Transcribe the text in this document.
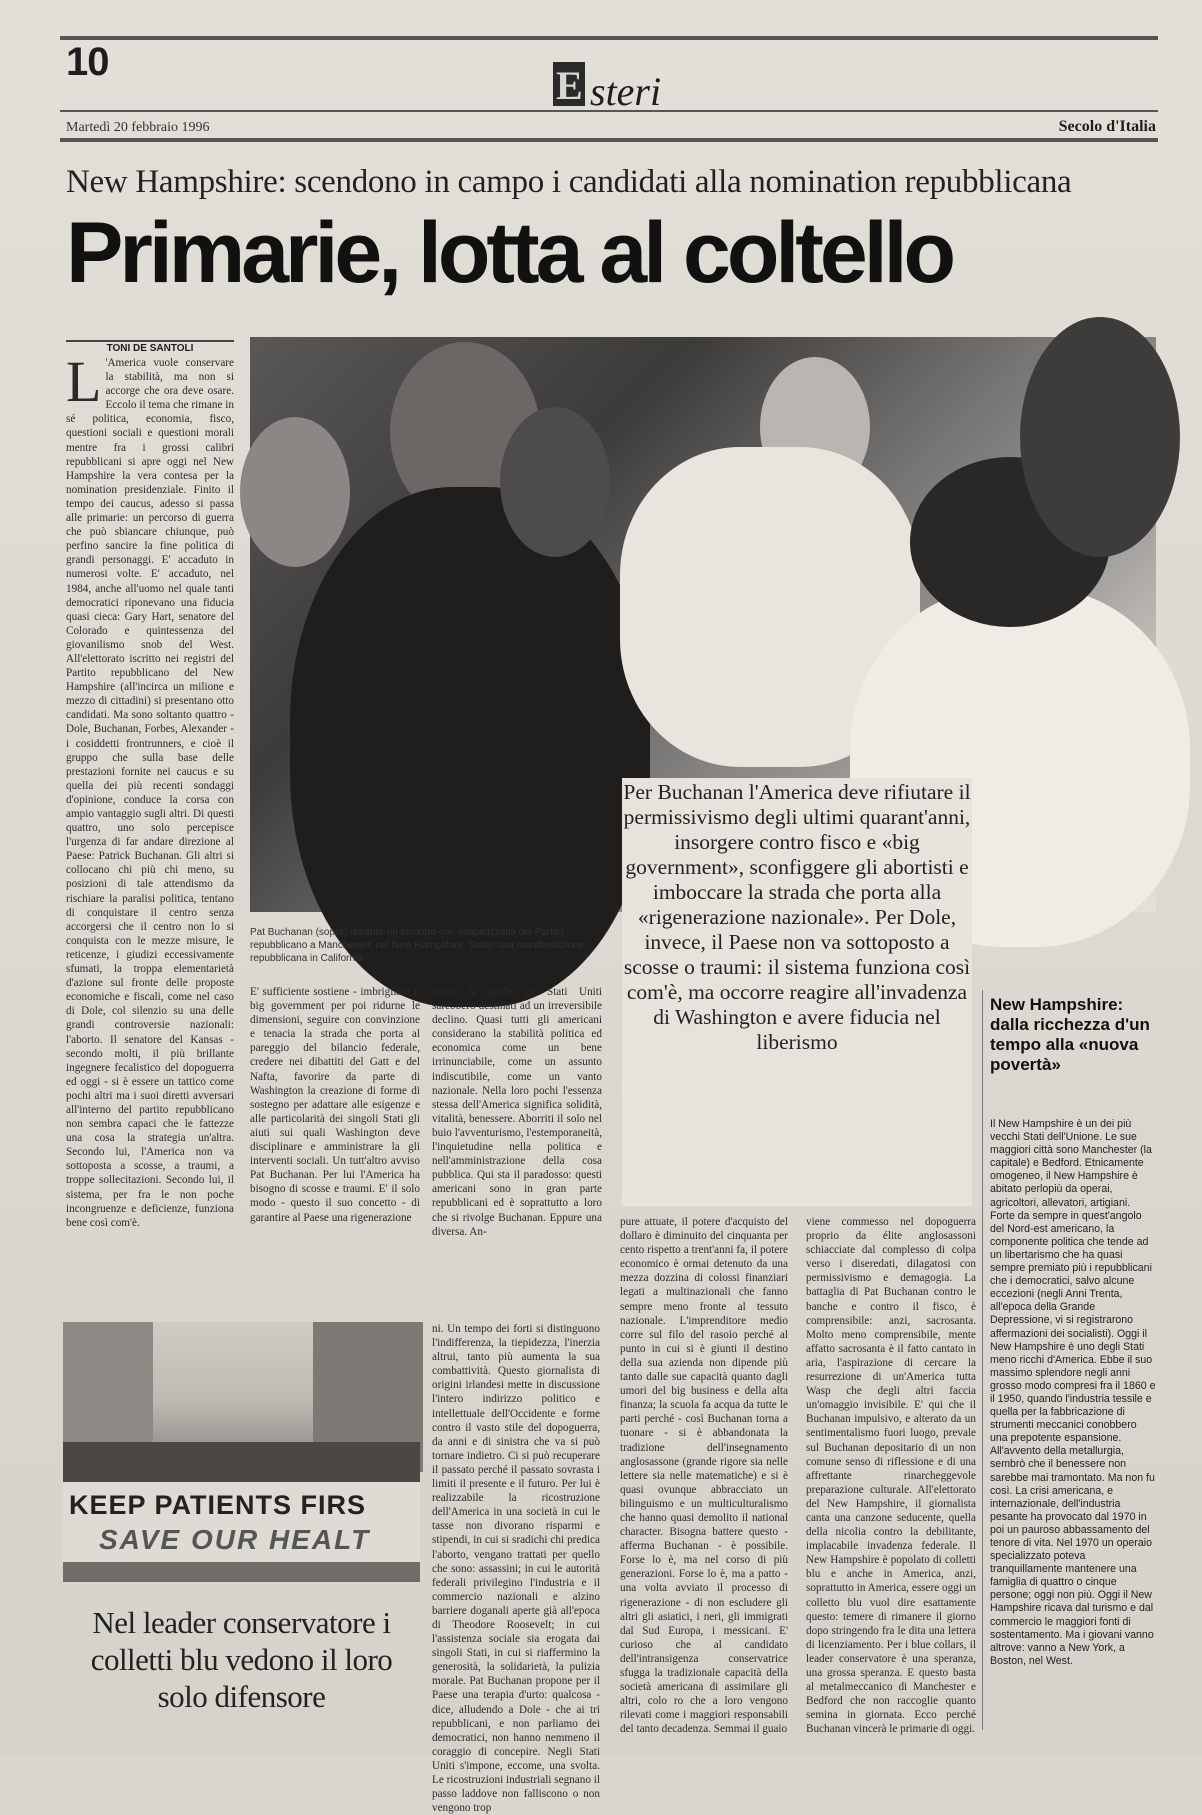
10
E steri
Martedì 20 febbraio 1996	Secolo d'Italia
New Hampshire: scendono in campo i candidati alla nomination repubblicana
Primarie, lotta al coltello
TONI DE SANTOLI
L 'America vuole conservare la stabilità, ma non si accorge che ora deve osare. Eccolo il tema che rimane in sé politica, economia, fisco, questioni sociali e questioni morali mentre fra i grossi calibri repubblicani si apre oggi nel New Hampshire la vera contesa per la nomination presidenziale. Finito il tempo dei caucus, adesso si passa alle primarie: un percorso di guerra che può sbiancare chiunque, può perfino sancire la fine politica di grandi personaggi. E' accaduto in numerosi volte. E' accaduto, nel 1984, anche all'uomo nel quale tanti democratici riponevano una fiducia quasi cieca: Gary Hart, senatore del Colorado e quintessenza del giovanilismo snob del West. All'elettorato iscritto nei registri del Partito repubblicano del New Hampshire (all'incirca un milione e mezzo di cittadini) si presentano otto candidati. Ma sono soltanto quattro - Dole, Buchanan, Forbes, Alexander - i cosiddetti frontrunners, e cioè il gruppo che sulla base delle prestazioni fornite nei caucus e su quella dei più recenti sondaggi d'opinione, conduce la corsa con ampio vantaggio sugli altri. Di questi quattro, uno solo percepisce l'urgenza di far andare direzione al Paese: Patrick Buchanan. Gli altri si collocano chi più chi meno, su posizioni di tale attendismo da rischiare la paralisi politica, tentano di conquistare il centro senza accorgersi che il centro non lo si conquista con le mezze misure, le reticenze, i giudizi eccessivamente sfumati, la troppa elementarietà d'azione sul fronte delle proposte economiche e fiscali, come nel caso di Dole, col silenzio su una delle grandi controversie nazionali: l'aborto. Il senatore del Kansas - secondo molti, il più brillante ingegnere fecalistico del dopoguerra ed oggi - si è essere un tattico come pochi altri ma i suoi diretti avversari all'interno del partito repubblicano non sembra capaci che le fattezze una cosa la strategia un'altra. Secondo lui, l'America non va sottoposta a scosse, a traumi, a troppe sollecitazioni. Secondo lui, il sistema, per fra le non poche incongruenze e deficienze, funziona bene così com'è.
Pat Buchanan (sopra) durante un incontro con simpatizzanti del Partito repubblicano a Manchester, nel New Hampshire. Sotto: una manifestazione repubblicana in California
Per Buchanan l'America deve rifiutare il permissivismo degli ultimi quarant'anni, insorgere contro fisco e «big government», sconfiggere gli abortisti e imboccare la strada che porta alla «rigenerazione nazionale». Per Dole, invece, il Paese non va sottoposto a scosse o traumi: il sistema funziona così com'è, ma occorre reagire all'invadenza di Washington e avere fiducia nel liberismo
E' sufficiente sostiene - imbrigliare il big government per poi ridurne le dimensioni, seguire con convinzione e tenacia la strada che porta al pareggio del bilancio federale, credere nei dibattiti del Gatt e del Nafta, favorire da parte di Washington la creazione di forme di sostegno per adattare alle esigenze e alle particolarità dei singoli Stati gli aiuti sui quali Washington deve disciplinare e amministrare la gli interventi sociali. Un tutt'altro avviso Pat Buchanan. Per lui l'America ha bisogno di scosse e traumi. E' il solo modo - questo il suo concetto - di garantire al Paese una rigenerazione
senza la quale gli Stati Uniti sarebbero destinati ad un irreversibile declino. Quasi tutti gli americani considerano la stabilità politica ed economica come un bene irrinunciabile, come un assunto indiscutibile, come un vanto nazionale. Nella loro pochi l'essenza stessa dell'America significa solidità, vitalità, benessere. Aborriti il solo nel buio l'avventurismo, l'estemporaneità, l'inquietudine nella politica e nell'amministrazione della cosa pubblica. Qui sta il paradosso: questi americani sono in gran parte repubblicani ed è soprattutto a loro che si rivolge Buchanan. Eppure una diversa. An-
KEEP PATIENTS FIRS
SAVE OUR HEALT
Nel leader conservatore i colletti blu vedono il loro solo difensore
ni. Un tempo dei forti si distinguono l'indifferenza, la tiepidezza, l'inerzia altrui, tanto più aumenta la sua combattività. Questo giornalista di origini irlandesi mette in discussione l'intero indirizzo politico e intellettuale dell'Occidente e forme contro il vasto stile del dopoguerra, da anni e di sinistra che va si può tornare indietro. Ci si può recuperare il passato perché il passato sovrasta i limiti il presente e il futuro. Per lui è realizzabile la ricostruzione dell'America in una società in cui le tasse non divorano risparmi e stipendi, in cui si sradichi chi predica l'aborto, vengano trattati per quello che sono: assassini; in cui le autorità federali privilegino l'industria e il commercio nazionali e alzino barriere doganali aperte già all'epoca di Theodore Roosevelt; in cui l'assistenza sociale sia erogata dai singoli Stati, in cui si riaffermino la generosità, la solidarietà, la pulizia morale. Pat Buchanan propone per il Paese una terapia d'urto: qualcosa - dice, alludendo a Dole - che ai tri repubblicani, e non parliamo dei democratici, non hanno nemmeno il coraggio di concepire. Negli Stati Uniti s'impone, eccome, una svolta. Le ricostruzioni industriali segnano il passo laddove non falliscono o non vengono trop
pure attuate, il potere d'acquisto del dollaro è diminuito del cinquanta per cento rispetto a trent'anni fa, il potere economico è ormai detenuto da una mezza dozzina di colossi finanziari legati a multinazionali che fanno sempre meno fronte al tessuto nazionale. L'imprenditore medio corre sul filo del rasoio perché al punto in cui si è giunti il destino della sua azienda non dipende più tanto dalle sue capacità quanto dagli umori del big business e della alta finanza; la scuola fa acqua da tutte le parti perché - così Buchanan torna a tuonare - si è abbandonata la tradizione dell'insegnamento anglosassone (grande rigore sia nelle lettere sia nelle matematiche) e si è quasi ovunque abbracciato un bilinguismo e un multiculturalismo che hanno quasi demolito il national character. Bisogna battere questo - afferma Buchanan - è possibile. Forse lo è, ma nel corso di più generazioni. Forse lo è, ma a patto - una volta avviato il processo di rigenerazione - di non escludere gli altri gli asiatici, i neri, gli immigrati dal Sud Europa, i messicani. E' curioso che al candidato dell'intransigenza conservatrice sfugga la tradizionale capacità della società americana di assimilare gli altri, colo ro che a loro vengono rilevati come i maggiori responsabili del tanto decadenza. Semmai il guaio
viene commesso nel dopoguerra proprio da élite anglosassoni schiacciate dal complesso di colpa verso i diseredati, dilagatosi con permissivismo e demagogia. La battaglia di Pat Buchanan contro le banche e contro il fisco, è comprensibile: anzi, sacrosanta. Molto meno comprensibile, mente affatto sacrosanta è il fatto cantato in aria, l'aspirazione di cercare la resurrezione di un'America tutta Wasp che degli altri faccia un'omaggio invisibile. E' qui che il Buchanan impulsivo, e alterato da un sentimentalismo fuori luogo, prevale sul Buchanan depositario di un non comune senso di riflessione e di una affrettante rinarcheggevole preparazione culturale. All'elettorato del New Hampshire, il giornalista canta una canzone seducente, quella della nicolia contro la debilitante, implacabile invadenza federale. Il New Hampshire è popolato di colletti blu e anche in America, anzi, soprattutto in America, essere oggi un colletto blu vuol dire esattamente questo: temere di rimanere il giorno dopo stringendo fra le dita una lettera di licenziamento. Per i blue collars, il leader conservatore è una speranza, una grossa speranza. E questo basta al metalmeccanico di Manchester e Bedford che non raccoglie quanto semina in giornata. Ecco perché Buchanan vincerà le primarie di oggi.
New Hampshire: dalla ricchezza d'un tempo alla «nuova povertà»
Il New Hampshire è un dei più vecchi Stati dell'Unione. Le sue maggiori città sono Manchester (la capitale) e Bedford. Etnicamente omogeneo, il New Hampshire è abitato perlopiù da operai, agricoltori, allevatori, artigiani. Forte da sempre in quest'angolo del Nord-est americano, la componente politica che tende ad un libertarismo che ha quasi sempre premiato più i repubblicani che i democratici, salvo alcune eccezioni (negli Anni Trenta, all'epoca della Grande Depressione, vi si registrarono affermazioni dei socialisti). Oggi il New Hampshire è uno degli Stati meno ricchi d'America. Ebbe il suo massimo splendore negli anni grosso modo compresi fra il 1860 e il 1950, quando l'industria tessile e quella per la fabbricazione di strumenti meccanici conobbero una prepotente espansione. All'avvento della metallurgia, sembrò che il benessere non sarebbe mai tramontato. Ma non fu così. La crisi americana, e internazionale, dell'industria pesante ha provocato dal 1970 in poi un pauroso abbassamento del tenore di vita. Nel 1970 un operaio specializzato poteva tranquillamente mantenere una famiglia di quattro o cinque persone; oggi non più. Oggi il New Hampshire ricava dal turismo e dal commercio le maggiori fonti di sostentamento. Ma i giovani vanno altrove: vanno a New York, a Boston, nel West.
